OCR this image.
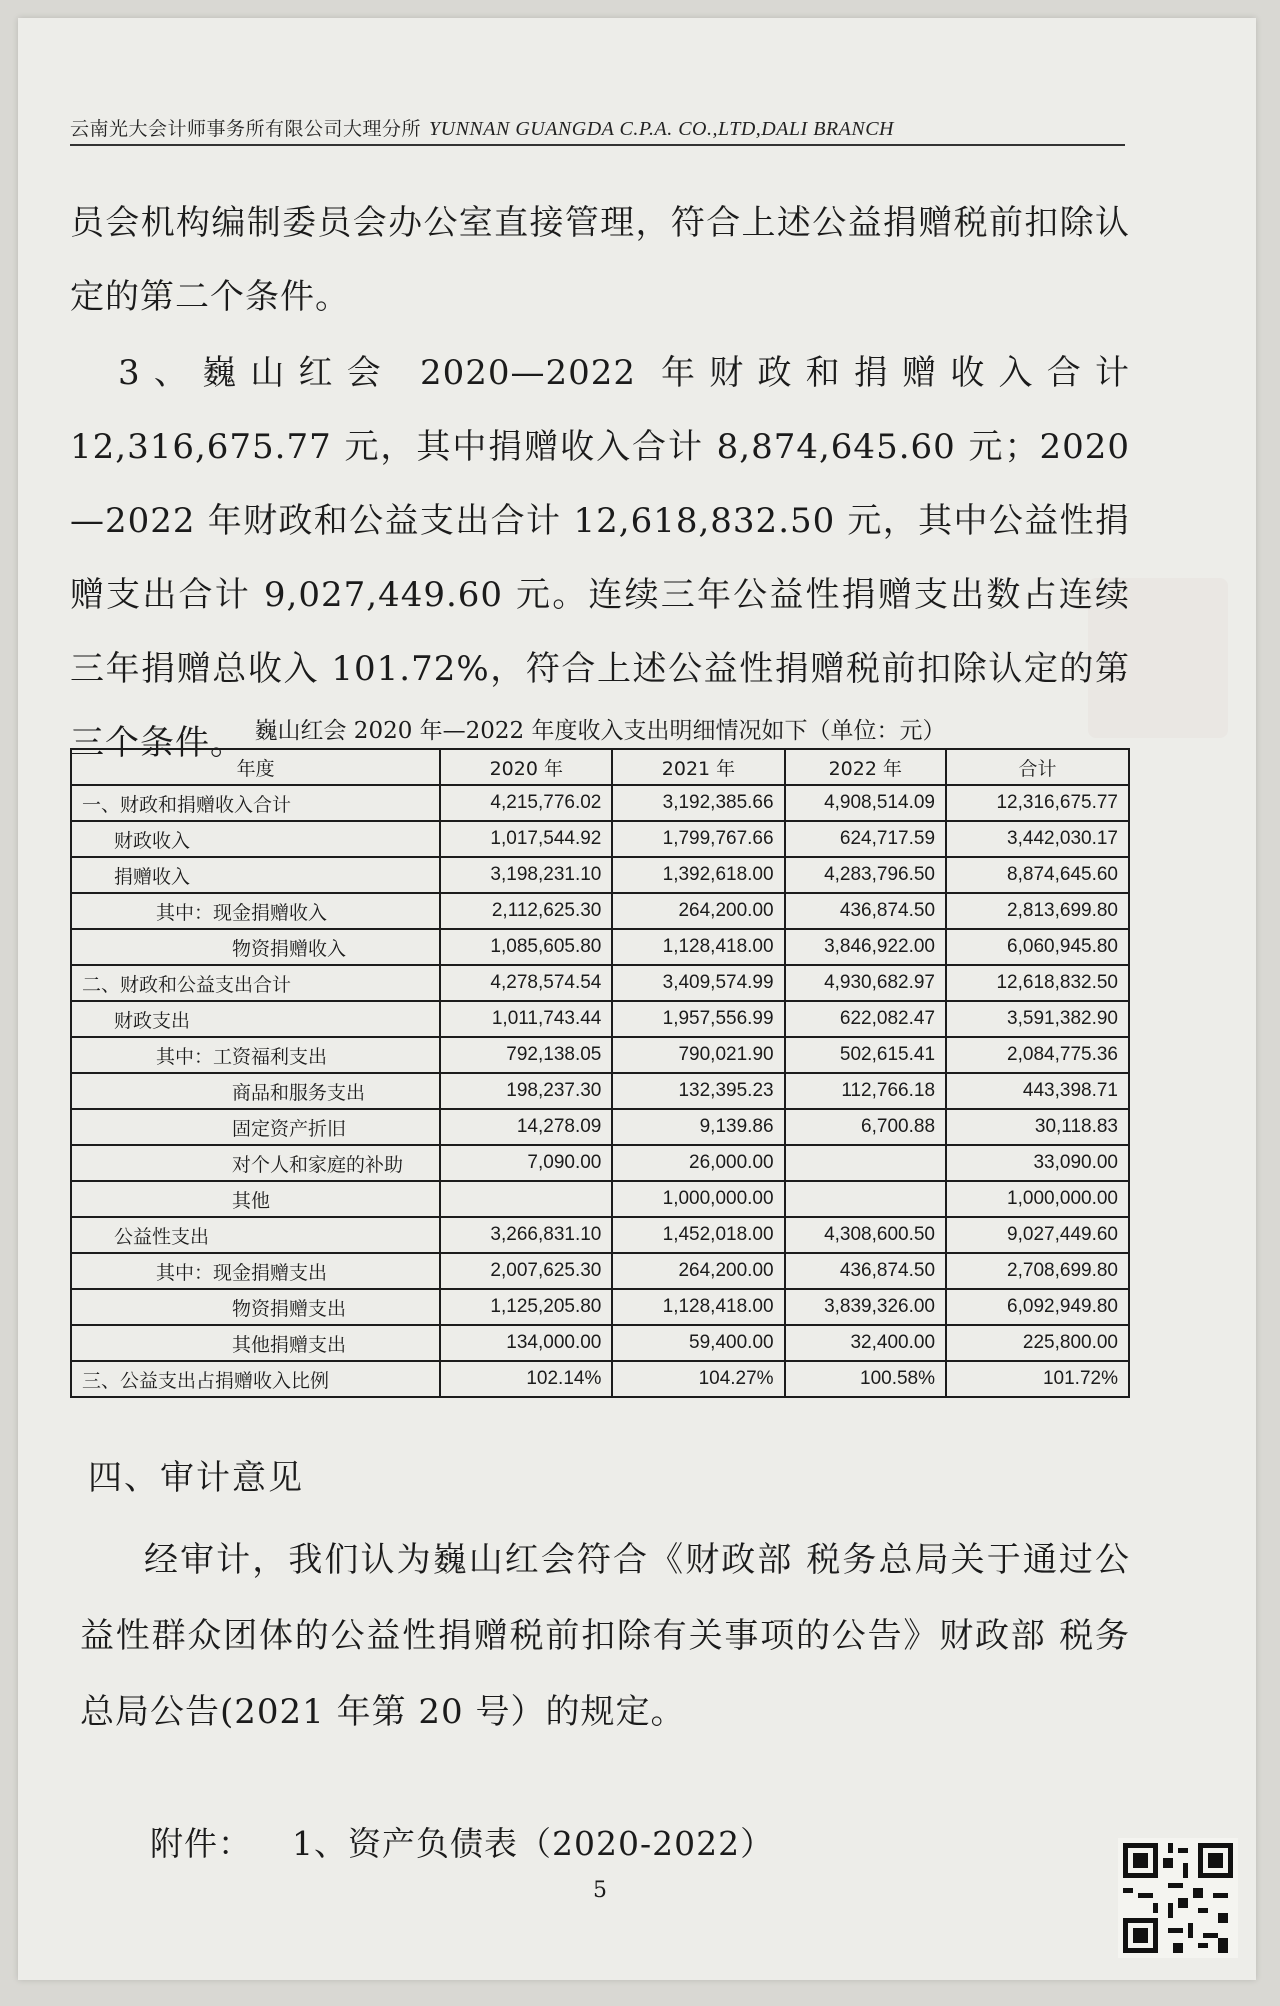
云南光大会计师事务所有限公司大理分所 YUNNAN GUANGDA C.P.A. CO.,LTD,DALI BRANCH
员会机构编制委员会办公室直接管理，符合上述公益捐赠税前扣除认定的第二个条件。
3、巍山红会 2020—2022 年财政和捐赠收入合计 12,316,675.77 元，其中捐赠收入合计 8,874,645.60 元；2020—2022 年财政和公益支出合计 12,618,832.50 元，其中公益性捐赠支出合计 9,027,449.60 元。连续三年公益性捐赠支出数占连续三年捐赠总收入 101.72%，符合上述公益性捐赠税前扣除认定的第三个条件。 巍山红会 2020 年—2022 年度收入支出明细情况如下（单位：元）
年度	2020 年	2021 年	2022 年	合计
一、财政和捐赠收入合计	4,215,776.02	3,192,385.66	4,908,514.09	12,316,675.77
财政收入	1,017,544.92	1,799,767.66	624,717.59	3,442,030.17
捐赠收入	3,198,231.10	1,392,618.00	4,283,796.50	8,874,645.60
其中：现金捐赠收入	2,112,625.30	264,200.00	436,874.50	2,813,699.80
物资捐赠收入	1,085,605.80	1,128,418.00	3,846,922.00	6,060,945.80
二、财政和公益支出合计	4,278,574.54	3,409,574.99	4,930,682.97	12,618,832.50
财政支出	1,011,743.44	1,957,556.99	622,082.47	3,591,382.90
其中：工资福利支出	792,138.05	790,021.90	502,615.41	2,084,775.36
商品和服务支出	198,237.30	132,395.23	112,766.18	443,398.71
固定资产折旧	14,278.09	9,139.86	6,700.88	30,118.83
对个人和家庭的补助	7,090.00	26,000.00		33,090.00
其他		1,000,000.00		1,000,000.00
公益性支出	3,266,831.10	1,452,018.00	4,308,600.50	9,027,449.60
其中：现金捐赠支出	2,007,625.30	264,200.00	436,874.50	2,708,699.80
物资捐赠支出	1,125,205.80	1,128,418.00	3,839,326.00	6,092,949.80
其他捐赠支出	134,000.00	59,400.00	32,400.00	225,800.00
三、公益支出占捐赠收入比例	102.14%	104.27%	100.58%	101.72%
四、审计意见
经审计，我们认为巍山红会符合《财政部 税务总局关于通过公益性群众团体的公益性捐赠税前扣除有关事项的公告》财政部 税务总局公告(2021 年第 20 号）的规定。
附件： 1、资产负债表（2020-2022）
5
